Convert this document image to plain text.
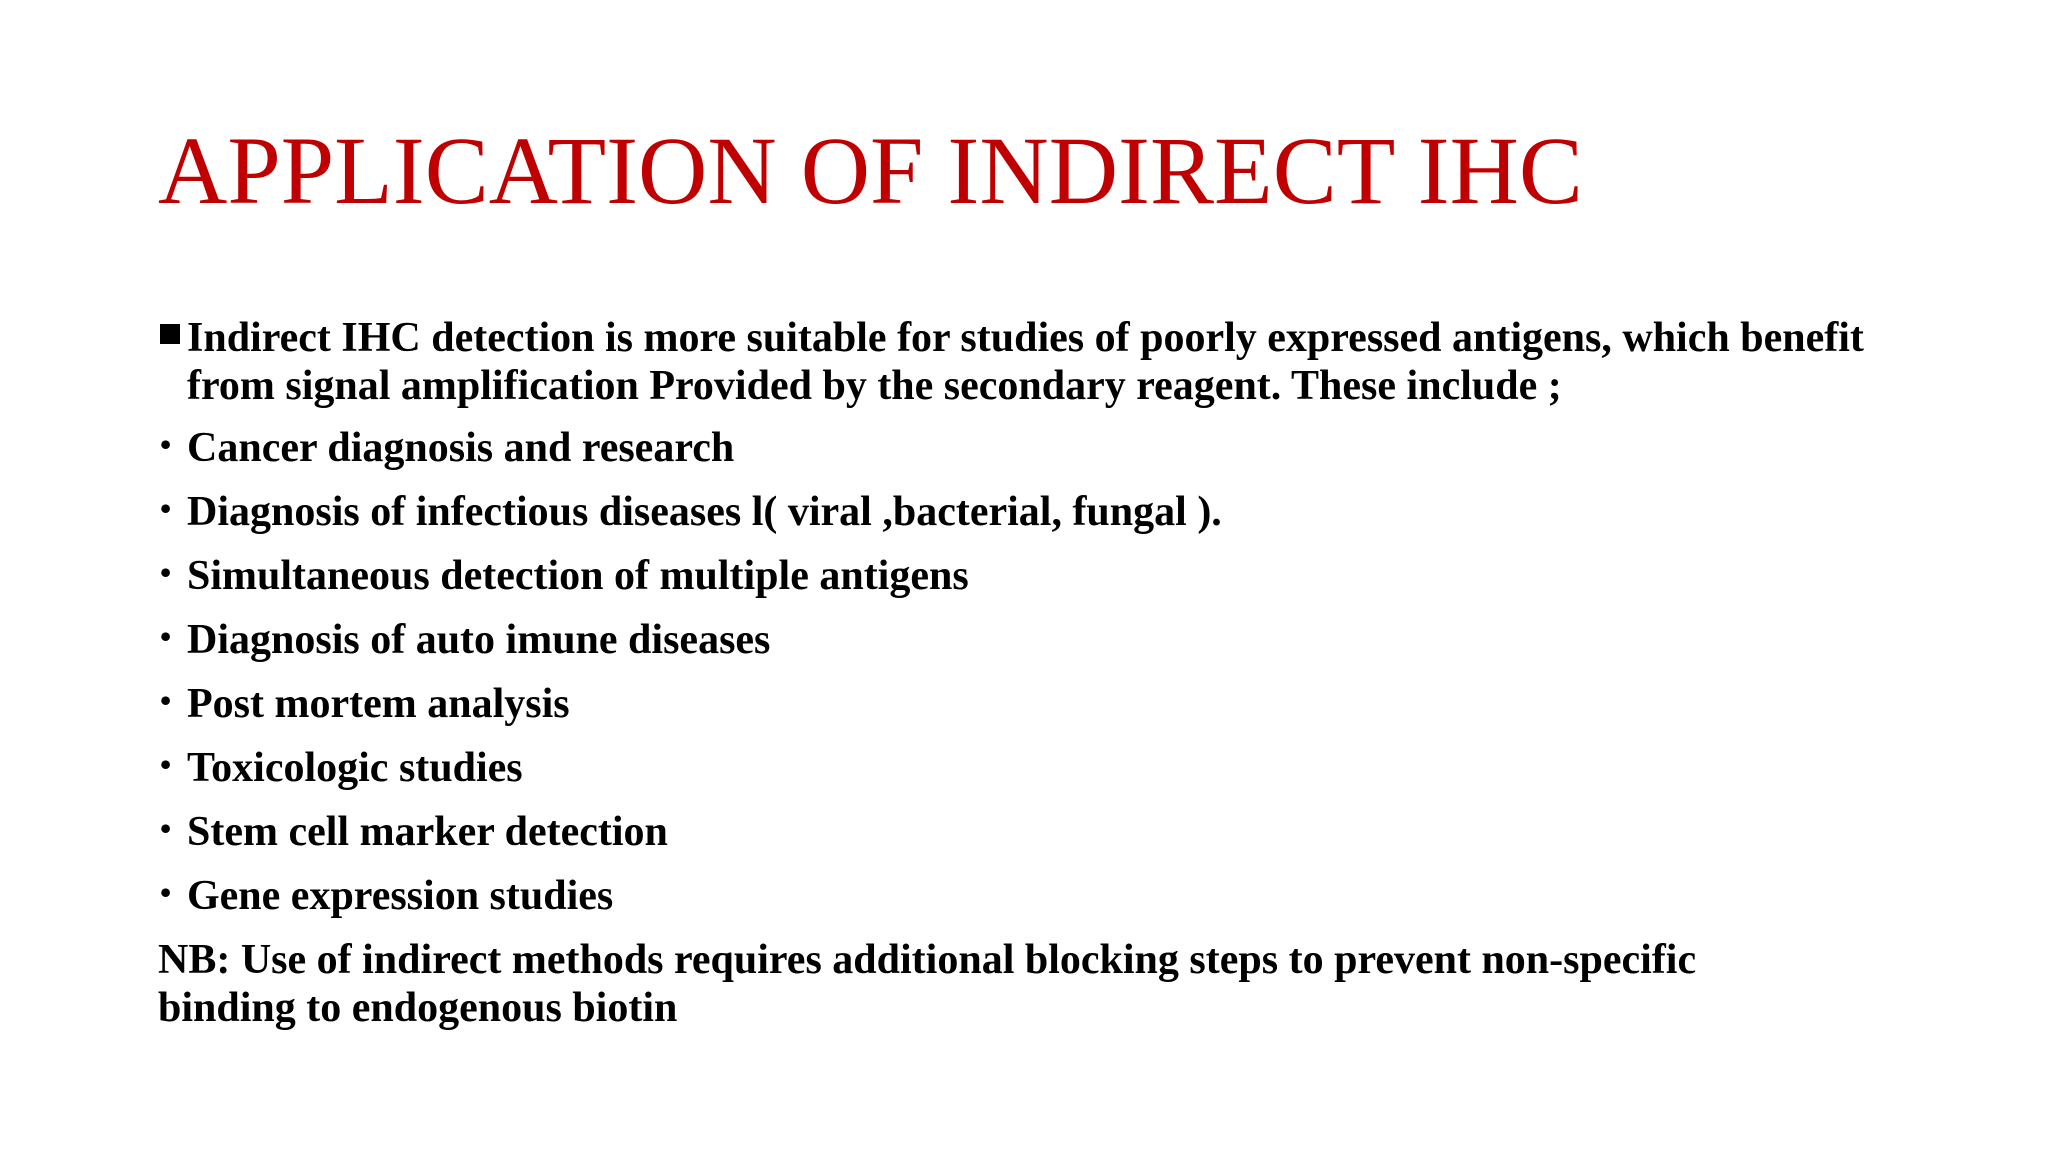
APPLICATION OF INDIRECT IHC

Indirect IHC detection is more suitable for studies of poorly expressed antigens, which benefit from signal amplification Provided by the secondary reagent. These include ;

• Cancer diagnosis and research
• Diagnosis of infectious diseases l( viral ,bacterial, fungal ).
• Simultaneous detection of multiple antigens
• Diagnosis of auto imune diseases
• Post mortem analysis
• Toxicologic studies
• Stem cell marker detection
• Gene expression studies
NB: Use of indirect methods requires additional blocking steps to prevent non-specific
binding to endogenous biotin
